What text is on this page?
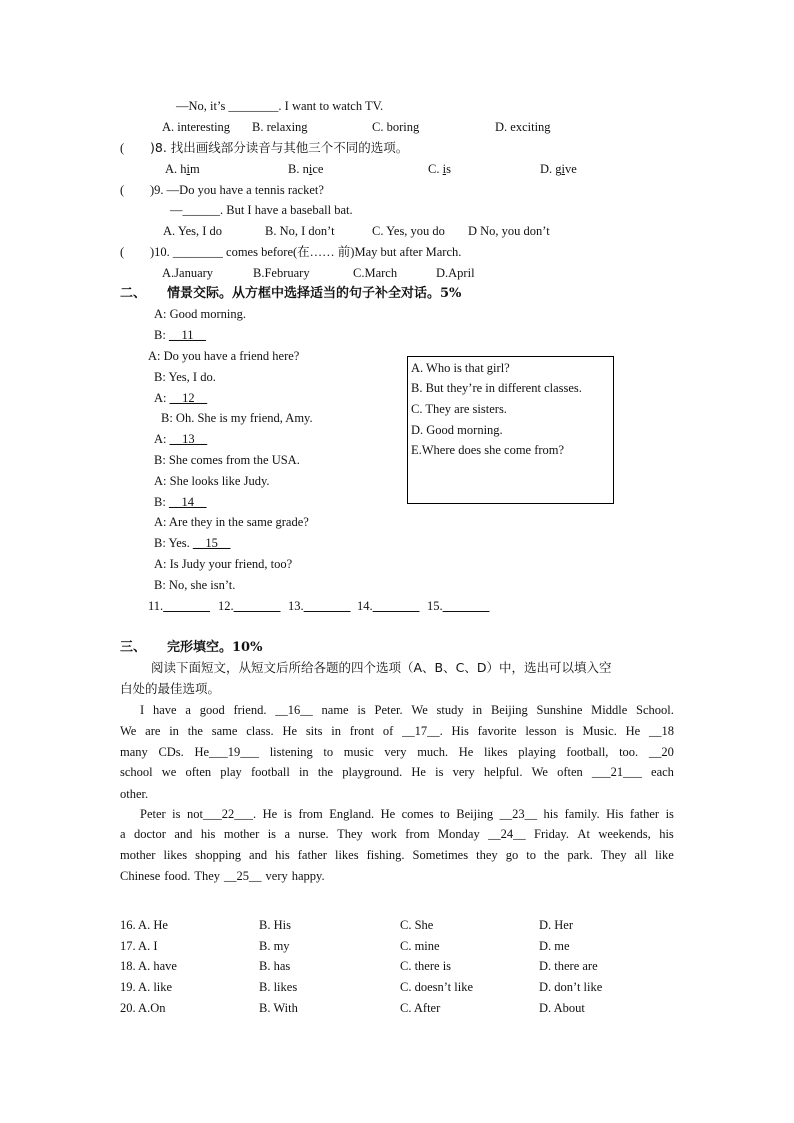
—No, it’s ________. I want to watch TV.
A. interesting B. relaxing	C. boring	D. exciting
( )8. 找出画线部分读音与其他三个不同的选项。
A. him	B. nice	C. is	D. give
( )9. —Do you have a tennis racket?
—______. But I have a baseball bat.
A. Yes, I do	B. No, I don’t	C. Yes, you do D No, you don’t
( )10. ________ comes before(在…… 前)May but after March.
A.January	B.February	C.March	D.April
二、 情景交际。从方框中选择适当的句子补全对话。5%
A: Good morning.
B: __11__
A: Do you have a friend here?
B: Yes, I do.
A: __12__
B: Oh. She is my friend, Amy.
A: __13__
B: She comes from the USA.
A: She looks like Judy.
B: __14__
A: Are they in the same grade?
B: Yes. __15__
A: Is Judy your friend, too?
B: No, she isn’t.
11.	12.	13.	14.	15.
A. Who is that girl?
B. But they’re in different classes.
C. They are sisters.
D. Good morning.
E.Where does she come from?
三、 完形填空。10%
阅读下面短文，从短文后所给各题的四个选项（A、B、C、D）中，选出可以填入空
白处的最佳选项。
I have a good friend. __16__ name is Peter. We study in Beijing Sunshine Middle School.
We are in the same class. He sits in front of __17__. His favorite lesson is Music. He __18
many CDs. He___19___ listening to music very much. He likes playing football, too. __20
school we often play football in the playground. He is very helpful. We often ___21___ each
other.
Peter is not___22___. He is from England. He comes to Beijing __23__ his family. His father is
a doctor and his mother is a nurse. They work from Monday __24__ Friday. At weekends, his
mother likes shopping and his father likes fishing. Sometimes they go to the park. They all like
Chinese food. They __25__ very happy.
16. A. He	B. His	C. She	D. Her
17. A. I	B. my	C. mine	D. me
18. A. have	B. has	C. there is	D. there are
19. A. like	B. likes	C. doesn’t like	D. don’t like
20. A.On	B. With	C. After	D. About
